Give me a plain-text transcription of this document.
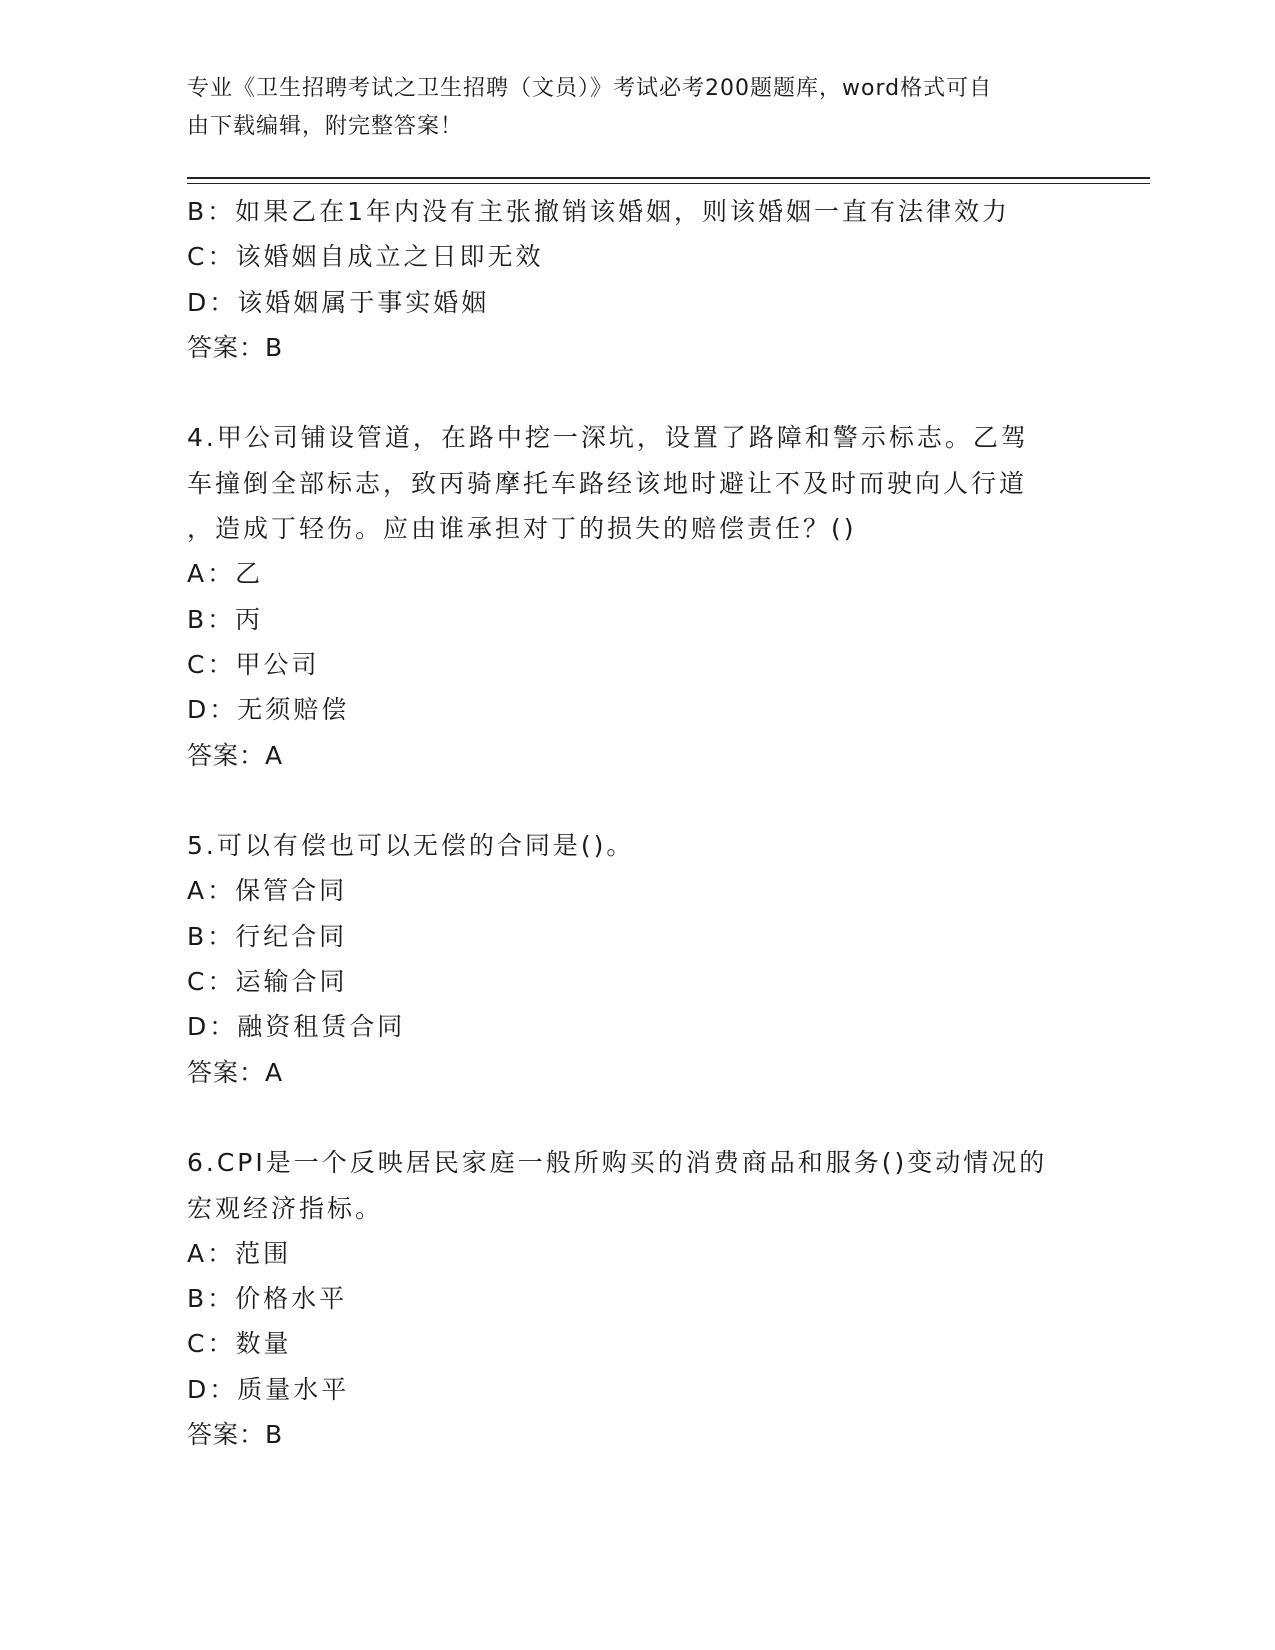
专业《卫生招聘考试之卫生招聘（文员）》考试必考200题题库，word格式可自
由下载编辑，附完整答案！
B：如果乙在1年内没有主张撤销该婚姻，则该婚姻一直有法律效力
C：该婚姻自成立之日即无效
D：该婚姻属于事实婚姻
答案：B
4.甲公司铺设管道，在路中挖一深坑，设置了路障和警示标志。乙驾
车撞倒全部标志，致丙骑摩托车路经该地时避让不及时而驶向人行道
，造成丁轻伤。应由谁承担对丁的损失的赔偿责任？()
A：乙
B：丙
C：甲公司
D：无须赔偿
答案：A
5.可以有偿也可以无偿的合同是()。
A：保管合同
B：行纪合同
C：运输合同
D：融资租赁合同
答案：A
6.CPI是一个反映居民家庭一般所购买的消费商品和服务()变动情况的
宏观经济指标。
A：范围
B：价格水平
C：数量
D：质量水平
答案：B
